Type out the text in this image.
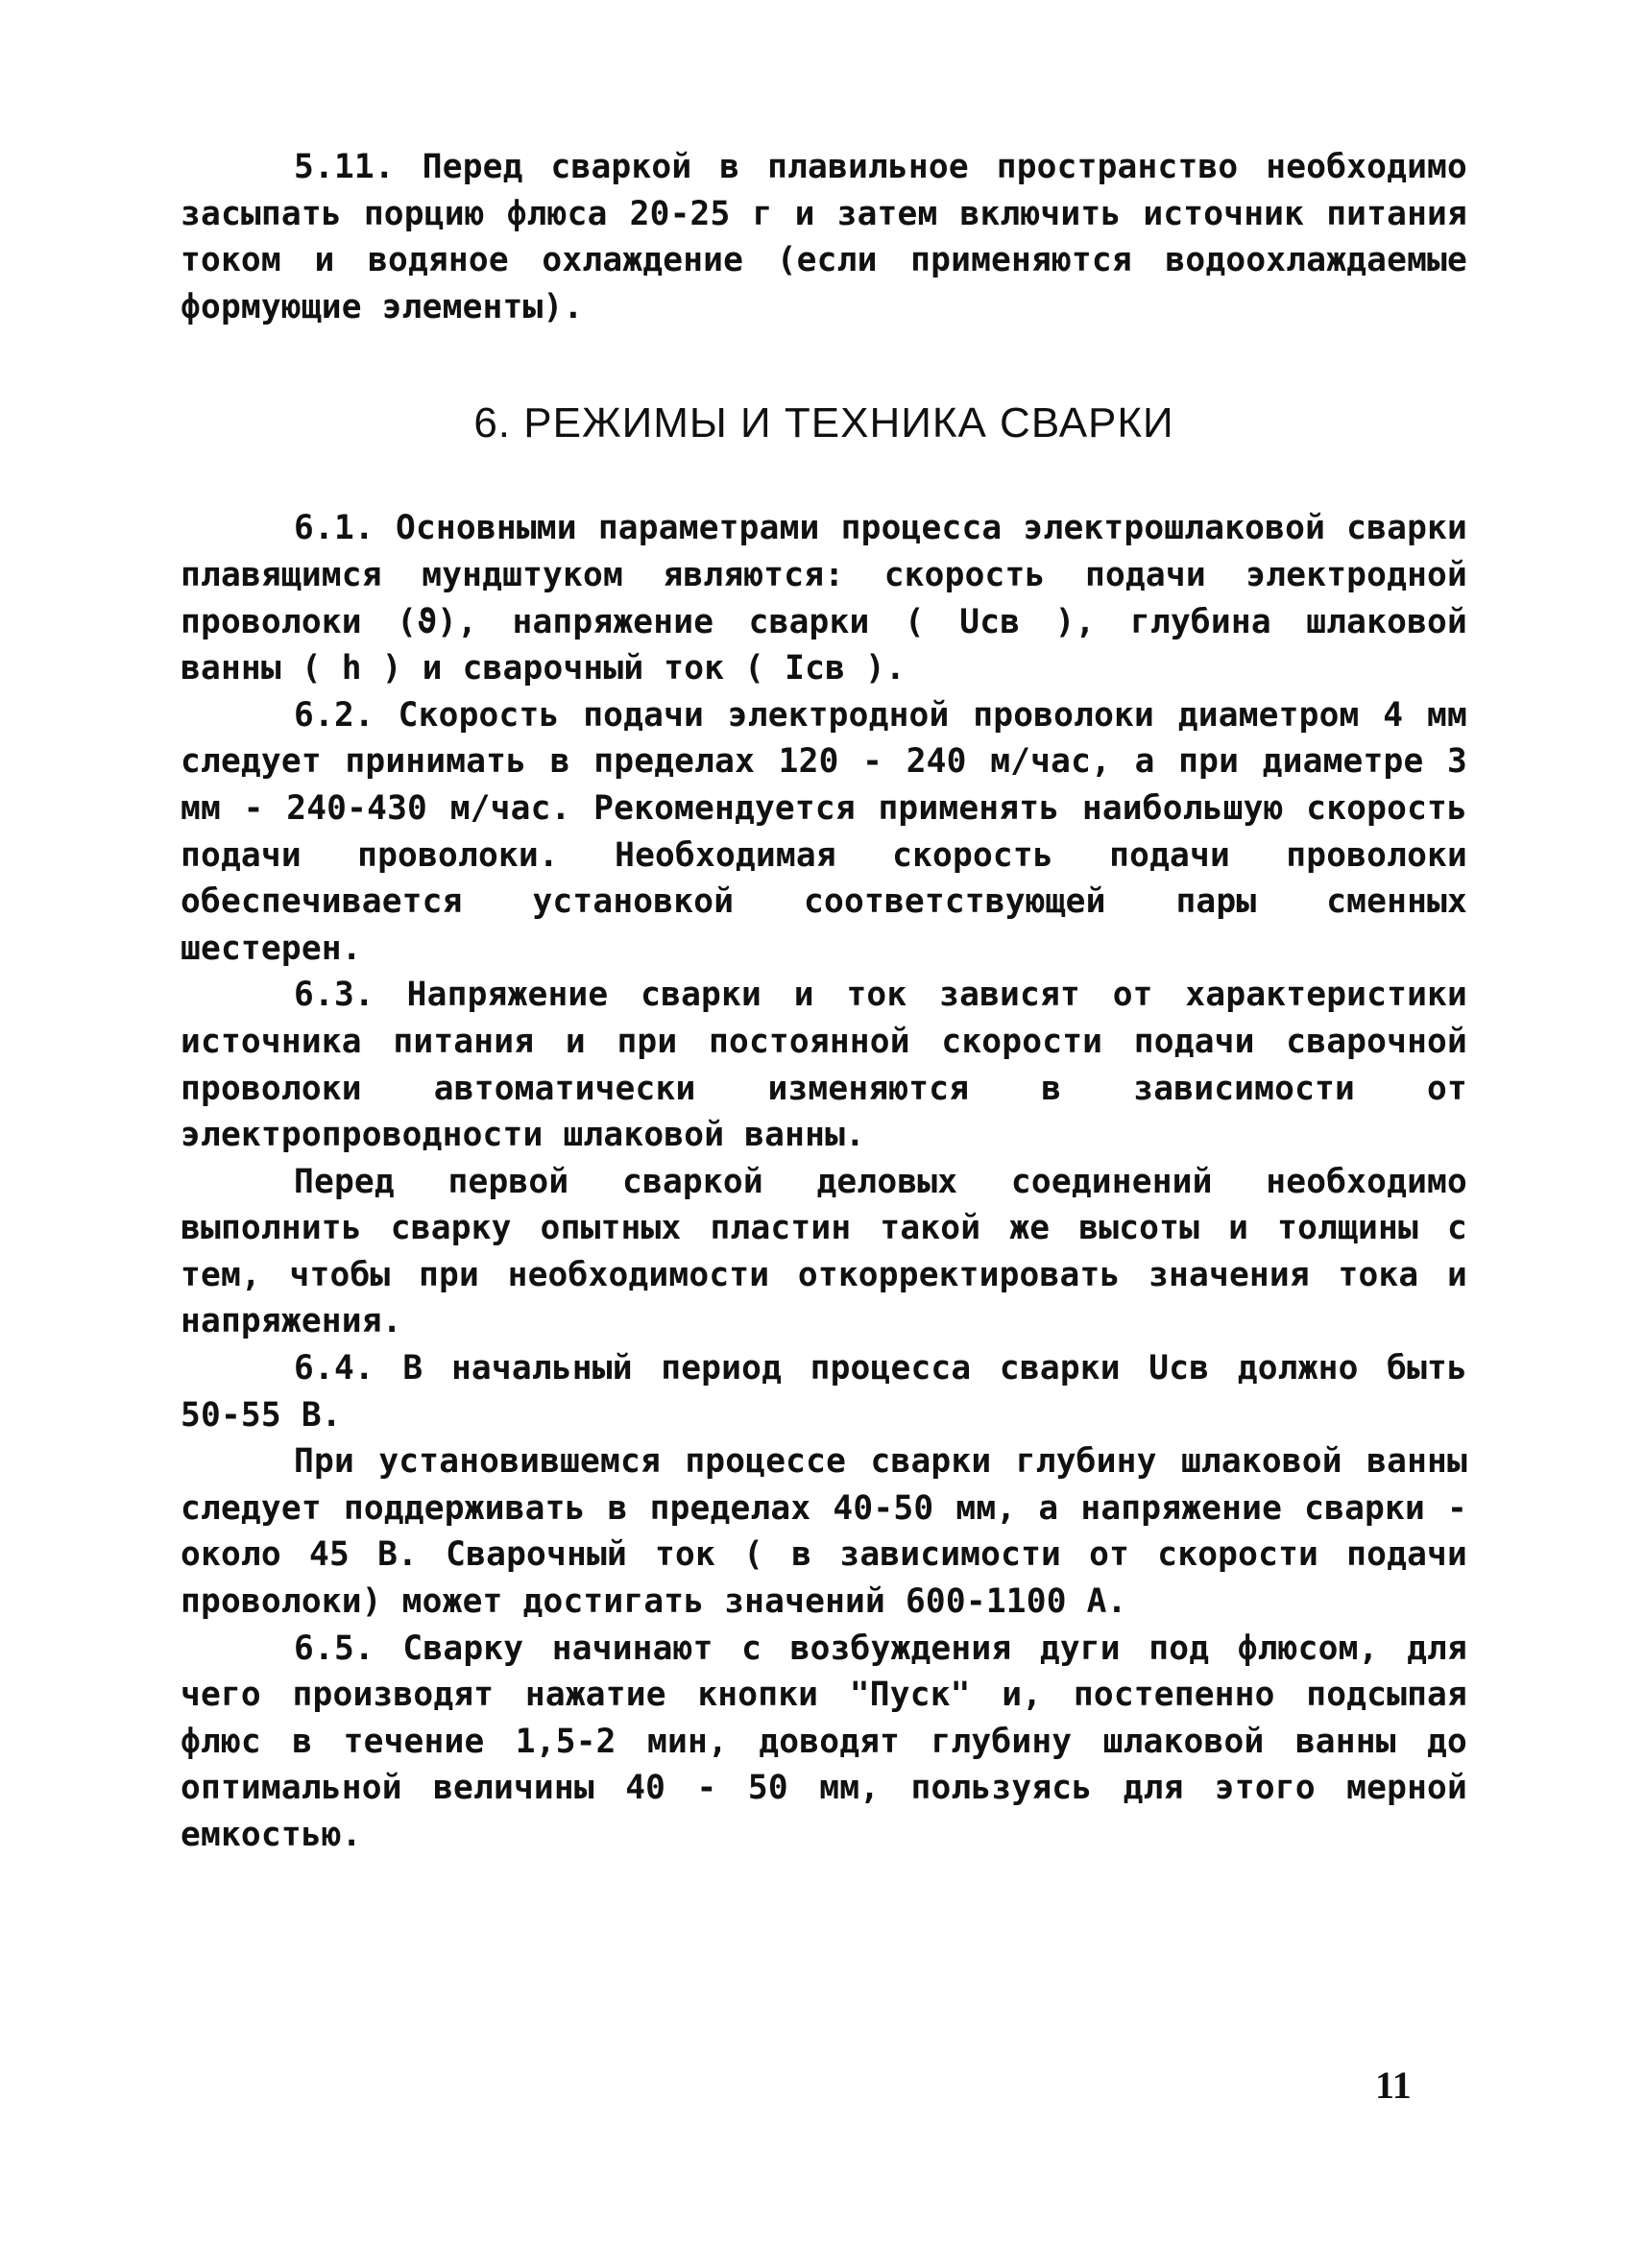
5.11. Перед сваркой в плавильное пространство необходимо засыпать порцию флюса 20-25 г и затем включить источник питания током и водяное охлаждение (если применяются водоохлаждаемые формующие элементы).

6. РЕЖИМЫ И ТЕХНИКА СВАРКИ

6.1. Основными параметрами процесса электрошлаковой сварки плавящимся мундштуком являются: скорость подачи электродной проволоки (ϑ), напряжение сварки ( Uсв ), глубина шлаковой ванны ( h ) и сварочный ток ( Iсв ).

6.2. Скорость подачи электродной проволоки диаметром 4 мм следует принимать в пределах 120 - 240 м/час, а при диаметре 3 мм - 240-430 м/час. Рекомендуется применять наибольшую скорость подачи проволоки. Необходимая скорость подачи проволоки обеспечивается установкой соответствующей пары сменных шестерен.

6.3. Напряжение сварки и ток зависят от характеристики источника питания и при постоянной скорости подачи сварочной проволоки автоматически изменяются в зависимости от электропроводности шлаковой ванны.

Перед первой сваркой деловых соединений необходимо выполнить сварку опытных пластин такой же высоты и толщины с тем, чтобы при необходимости откорректировать значения тока и напряжения.

6.4. В начальный период процесса сварки Uсв должно быть 50-55 В.

При установившемся процессе сварки глубину шлаковой ванны следует поддерживать в пределах 40-50 мм, а напряжение сварки - около 45 В. Сварочный ток ( в зависимости от скорости подачи проволоки) может достигать значений 600-1100 А.

6.5. Сварку начинают с возбуждения дуги под флюсом, для чего производят нажатие кнопки "Пуск" и, постепенно подсыпая флюс в течение 1,5-2 мин, доводят глубину шлаковой ванны до оптимальной величины 40 - 50 мм, пользуясь для этого мерной емкостью.

11
